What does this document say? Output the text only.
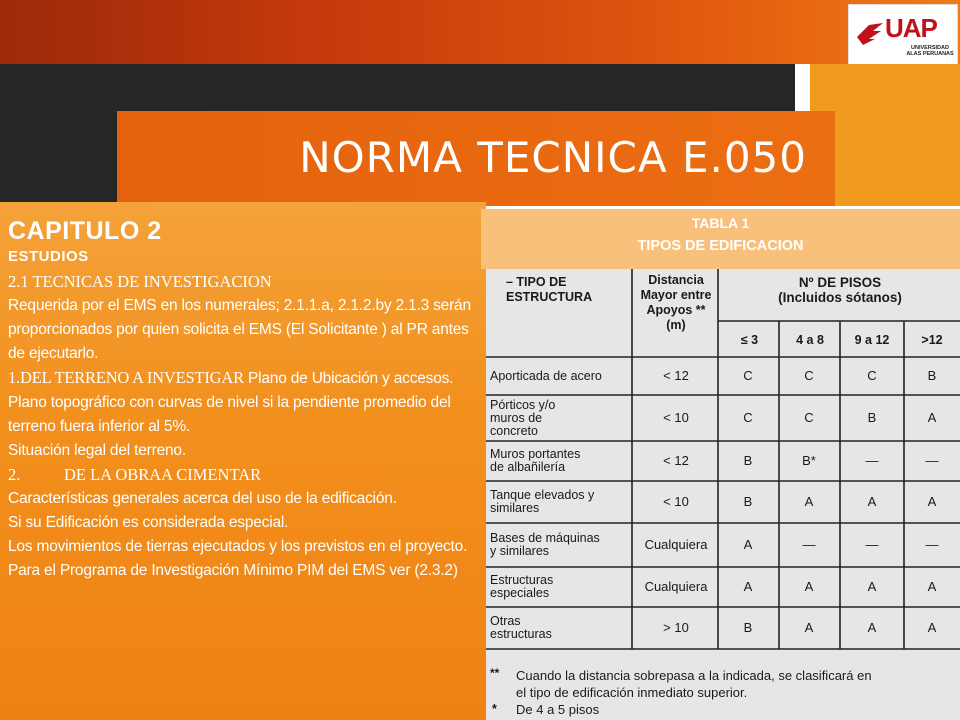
UAP
UNIVERSIDAD
ALAS PERUANAS
NORMA TECNICA E.050
CAPITULO 2
ESTUDIOS
2.1 TECNICAS DE INVESTIGACION

Requerida por el EMS en los numerales; 2.1.1.a, 2.1.2.by 2.1.3 serán proporcionados por quien solicita el EMS (El Solicitante ) al PR antes de ejecutarlo.

1.DEL TERRENO A INVESTIGAR Plano de Ubicación y accesos.

Plano topográfico con curvas de nivel si la pendiente promedio del terreno fuera inferior al 5%.

Situación legal del terreno.

2.	DE LA OBRAA CIMENTAR

Características generales acerca del uso de la edificación.

Si su Edificación es considerada especial.

Los movimientos de tierras ejecutados y los previstos en el proyecto.

Para el Programa de Investigación Mínimo PIM del EMS ver (2.3.2)

TABLA 1
TIPOS DE EDIFICACION
– TIPO DE
ESTRUCTURA
Distancia
Mayor entre
Apoyos **
(m)
Nº DE PISOS
(Incluidos sótanos)
≤ 3	4 a 8	9 a 12	>12
Aporticada de acero	< 12	C	C	C	B
Pórticos y/o
muros de
concreto
< 10	C	C	B	A
Muros portantes
de albañilería	< 12	B	B*	—	—
Tanque elevados y
similares	< 10	B	A	A	A
Bases de máquinas
y similares	Cualquiera	A	—	—	—
Estructuras
especiales	Cualquiera	A	A	A	A
Otras
estructuras	> 10	B	A	A	A
** Cuando la distancia sobrepasa a la indicada, se clasificará en
el tipo de edificación inmediato superior.
* De 4 a 5 pisos
